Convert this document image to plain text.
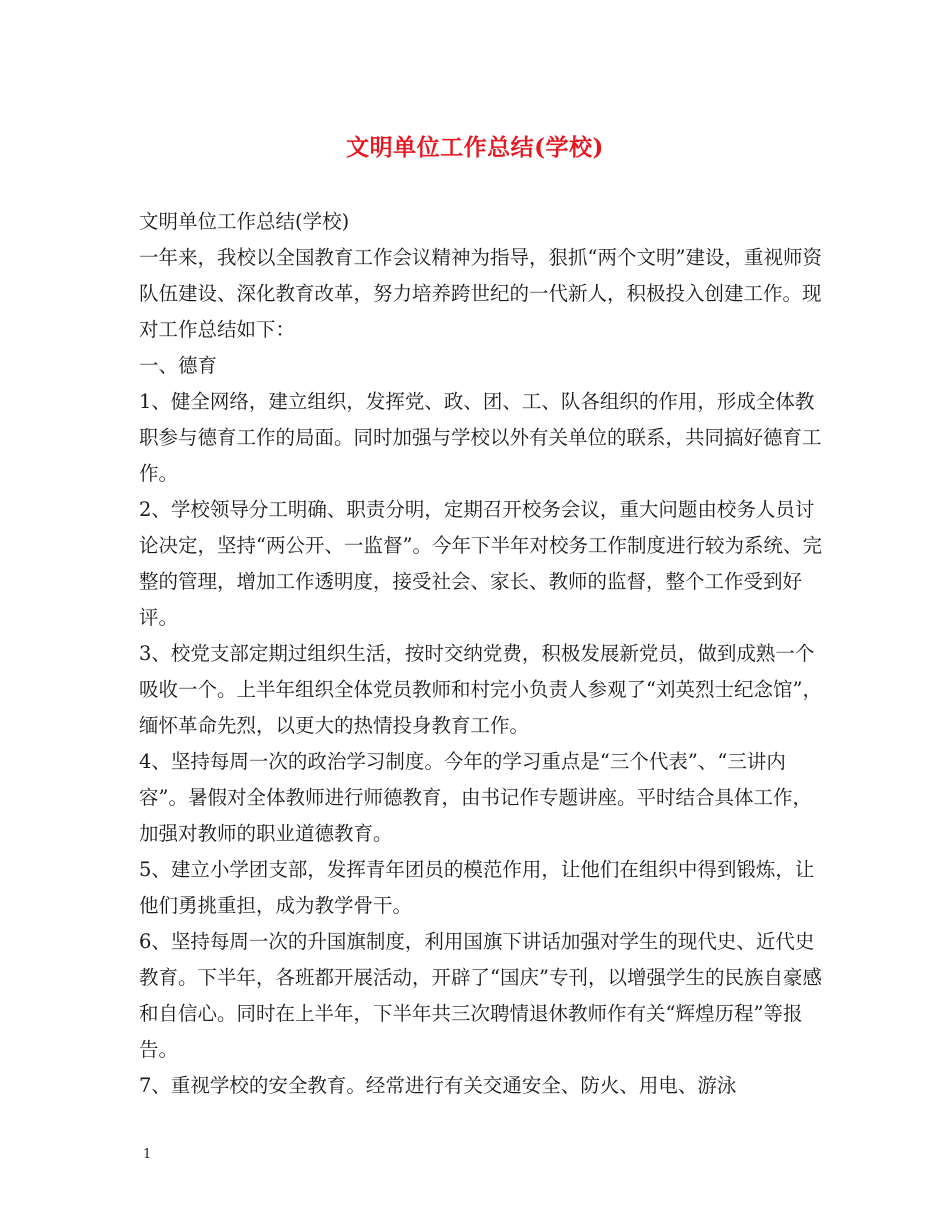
文明单位工作总结(学校)

文明单位工作总结(学校)

一年来，我校以全国教育工作会议精神为指导，狠抓“两个文明”建设，重视师资队伍建设、深化教育改革，努力培养跨世纪的一代新人，积极投入创建工作。现对工作总结如下：

一、德育

1、健全网络，建立组织，发挥党、政、团、工、队各组织的作用，形成全体教职参与德育工作的局面。同时加强与学校以外有关单位的联系，共同搞好德育工作。

2、学校领导分工明确、职责分明，定期召开校务会议，重大问题由校务人员讨论决定，坚持“两公开、一监督”。今年下半年对校务工作制度进行较为系统、完整的管理，增加工作透明度，接受社会、家长、教师的监督，整个工作受到好评。

3、校党支部定期过组织生活，按时交纳党费，积极发展新党员，做到成熟一个吸收一个。上半年组织全体党员教师和村完小负责人参观了“刘英烈士纪念馆”，缅怀革命先烈，以更大的热情投身教育工作。

4、坚持每周一次的政治学习制度。今年的学习重点是“三个代表”、“三讲内容”。暑假对全体教师进行师德教育，由书记作专题讲座。平时结合具体工作，加强对教师的职业道德教育。

5、建立小学团支部，发挥青年团员的模范作用，让他们在组织中得到锻炼，让他们勇挑重担，成为教学骨干。

6、坚持每周一次的升国旗制度，利用国旗下讲话加强对学生的现代史、近代史教育。下半年，各班都开展活动，开辟了“国庆”专刊，以增强学生的民族自豪感和自信心。同时在上半年，下半年共三次聘情退休教师作有关“辉煌历程”等报告。

7、重视学校的安全教育。经常进行有关交通安全、防火、用电、游泳

1
